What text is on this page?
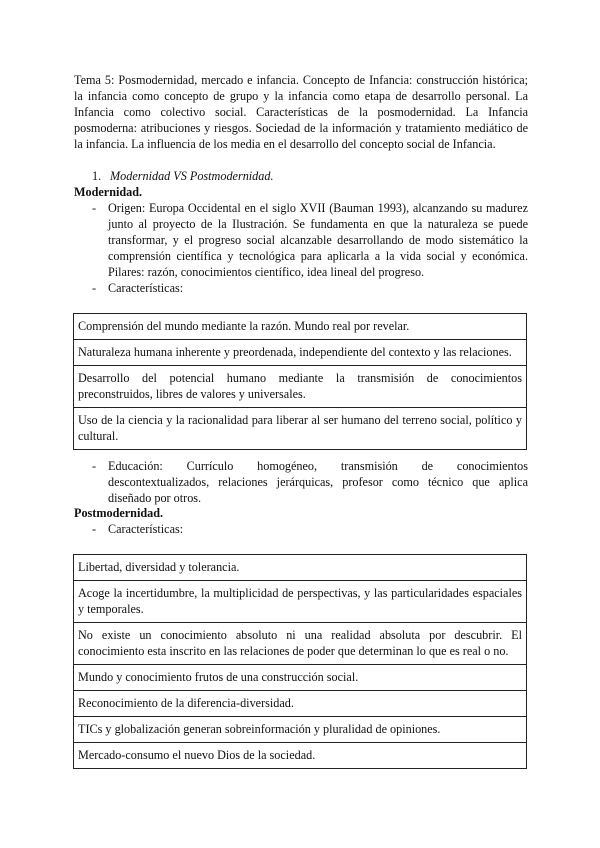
Tema 5: Posmodernidad, mercado e infancia. Concepto de Infancia: construcción histórica; la infancia como concepto de grupo y la infancia como etapa de desarrollo personal. La Infancia como colectivo social. Características de la posmodernidad. La Infancia posmoderna: atribuciones y riesgos. Sociedad de la información y tratamiento mediático de la infancia. La influencia de los media en el desarrollo del concepto social de Infancia.
1. Modernidad VS Postmodernidad.
Modernidad.
- Origen: Europa Occidental en el siglo XVII (Bauman 1993), alcanzando su madurez junto al proyecto de la Ilustración. Se fundamenta en que la naturaleza se puede transformar, y el progreso social alcanzable desarrollando de modo sistemático la comprensión científica y tecnológica para aplicarla a la vida social y económica. Pilares: razón, conocimientos científico, idea lineal del progreso.
- Características:
Comprensión del mundo mediante la razón. Mundo real por revelar.
Naturaleza humana inherente y preordenada, independiente del contexto y las relaciones.
Desarrollo del potencial humano mediante la transmisión de conocimientos preconstruidos, libres de valores y universales.
Uso de la ciencia y la racionalidad para liberar al ser humano del terreno social, político y cultural.
- Educación: Currículo homogéneo, transmisión de conocimientos descontextualizados, relaciones jerárquicas, profesor como técnico que aplica diseñado por otros.
Postmodernidad.
- Características:
Libertad, diversidad y tolerancia.
Acoge la incertidumbre, la multiplicidad de perspectivas, y las particularidades espaciales y temporales.
No existe un conocimiento absoluto ni una realidad absoluta por descubrir. El conocimiento esta inscrito en las relaciones de poder que determinan lo que es real o no.
Mundo y conocimiento frutos de una construcción social.
Reconocimiento de la diferencia-diversidad.
TICs y globalización generan sobreinformación y pluralidad de opiniones.
Mercado-consumo el nuevo Dios de la sociedad.
